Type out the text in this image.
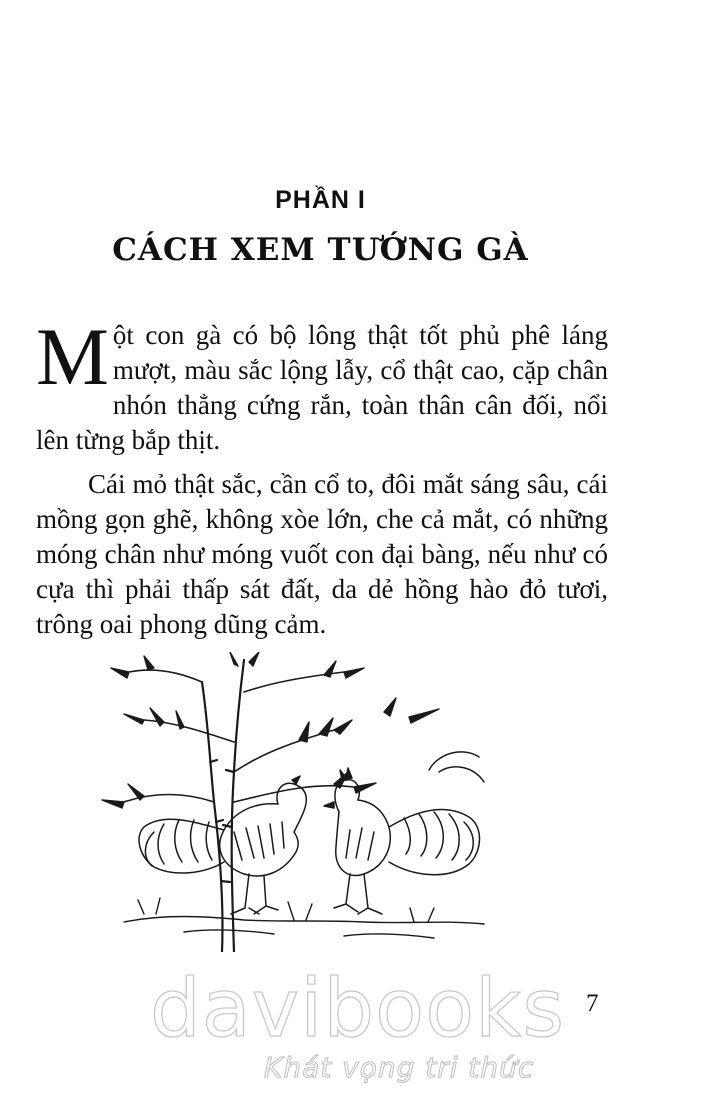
PHẦN I
CÁCH XEM TƯỚNG GÀ
Một con gà có bộ lông thật tốt phủ phê láng mượt, màu sắc lộng lẫy, cổ thật cao, cặp chân nhón thẳng cứng rắn, toàn thân cân đối, nổi lên từng bắp thịt.
Cái mỏ thật sắc, cần cổ to, đôi mắt sáng sâu, cái mồng gọn ghẽ, không xòe lớn, che cả mắt, có những móng chân như móng vuốt con đại bàng, nếu như có cựa thì phải thấp sát đất, da dẻ hồng hào đỏ tươi, trông oai phong dũng cảm.
7
davibooks
Khát vọng tri thức
